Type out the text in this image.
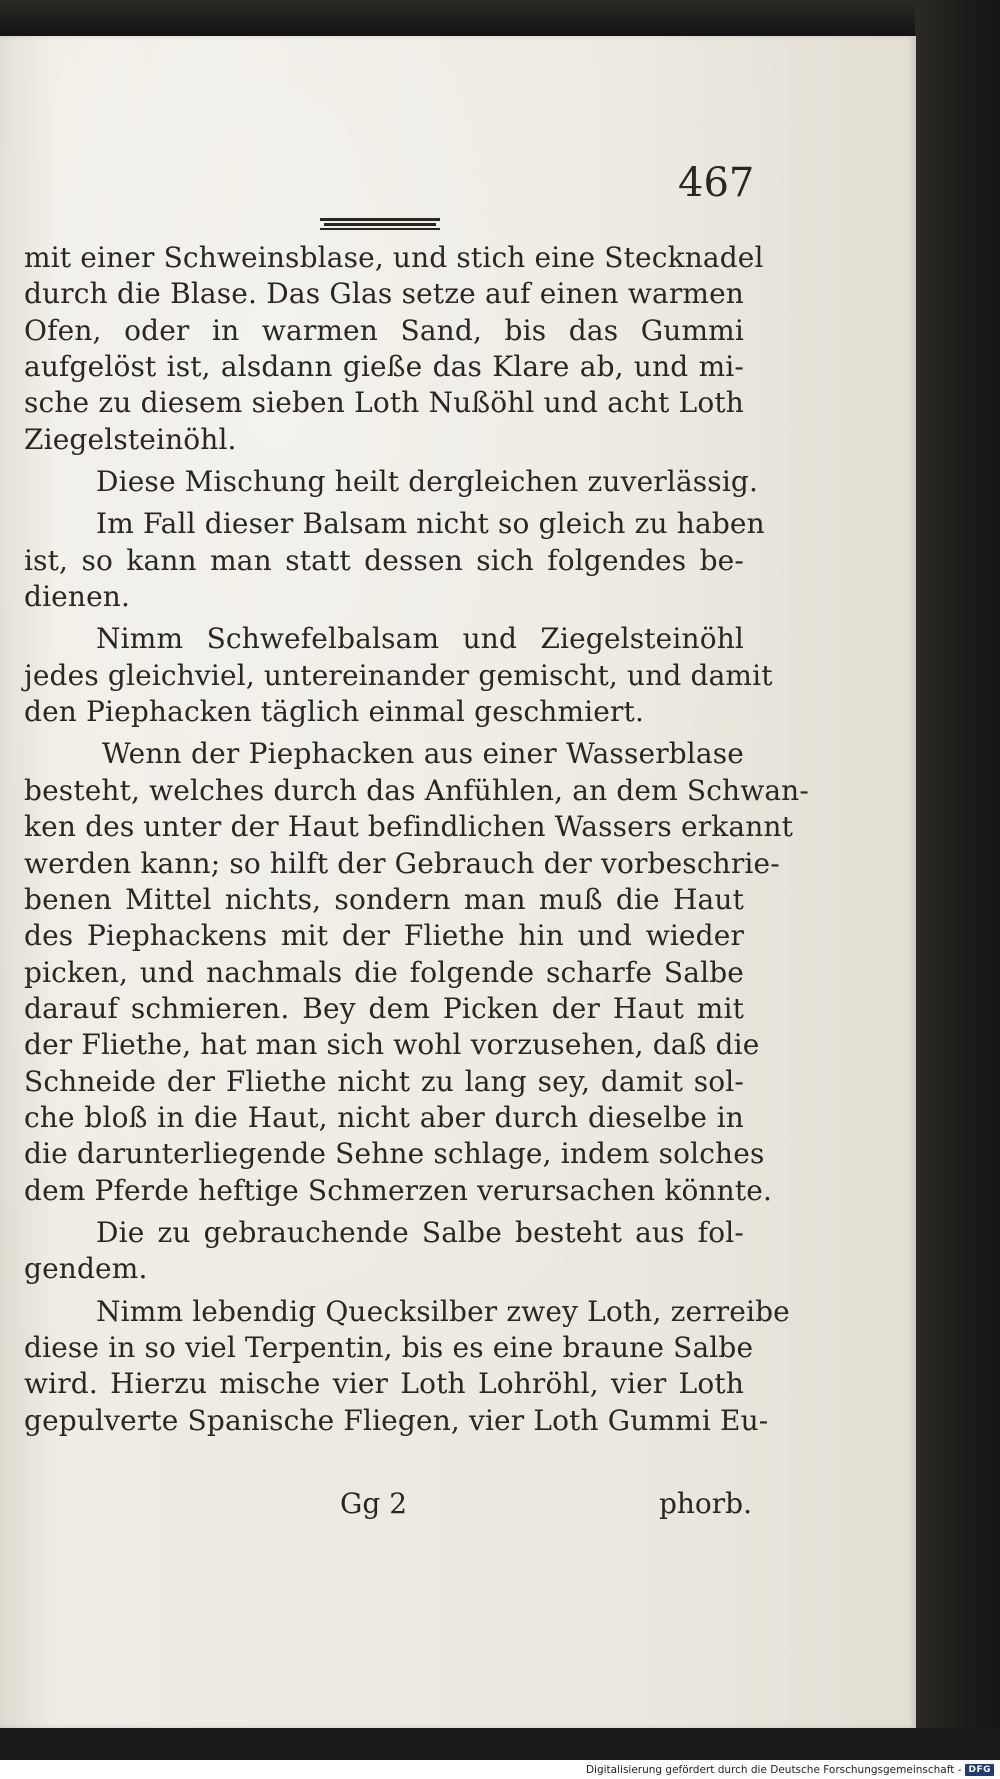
467
mit einer Schweinsblase, und stich eine Stecknadel
durch die Blase. Das Glas setze auf einen warmen
Ofen, oder in warmen Sand, bis das Gummi
aufgelöst ist, alsdann gieße das Klare ab, und mi-
sche zu diesem sieben Loth Nußöhl und acht Loth
Ziegelsteinöhl.
Diese Mischung heilt dergleichen zuverlässig.
Im Fall dieser Balsam nicht so gleich zu haben
ist, so kann man statt dessen sich folgendes be-
dienen.
Nimm Schwefelbalsam und Ziegelsteinöhl
jedes gleichviel, untereinander gemischt, und damit
den Piephacken täglich einmal geschmiert.
Wenn der Piephacken aus einer Wasserblase
besteht, welches durch das Anfühlen, an dem Schwan-
ken des unter der Haut befindlichen Wassers erkannt
werden kann; so hilft der Gebrauch der vorbeschrie-
benen Mittel nichts, sondern man muß die Haut
des Piephackens mit der Fliethe hin und wieder
picken, und nachmals die folgende scharfe Salbe
darauf schmieren. Bey dem Picken der Haut mit
der Fliethe, hat man sich wohl vorzusehen, daß die
Schneide der Fliethe nicht zu lang sey, damit sol-
che bloß in die Haut, nicht aber durch dieselbe in
die darunterliegende Sehne schlage, indem solches
dem Pferde heftige Schmerzen verursachen könnte.
Die zu gebrauchende Salbe besteht aus fol-
gendem.
Nimm lebendig Quecksilber zwey Loth, zerreibe
diese in so viel Terpentin, bis es eine braune Salbe
wird. Hierzu mische vier Loth Lohröhl, vier Loth
gepulverte Spanische Fliegen, vier Loth Gummi Eu-
Gg 2	phorb.
Digitalisierung gefördert durch die Deutsche Forschungsgemeinschaft - DFG
